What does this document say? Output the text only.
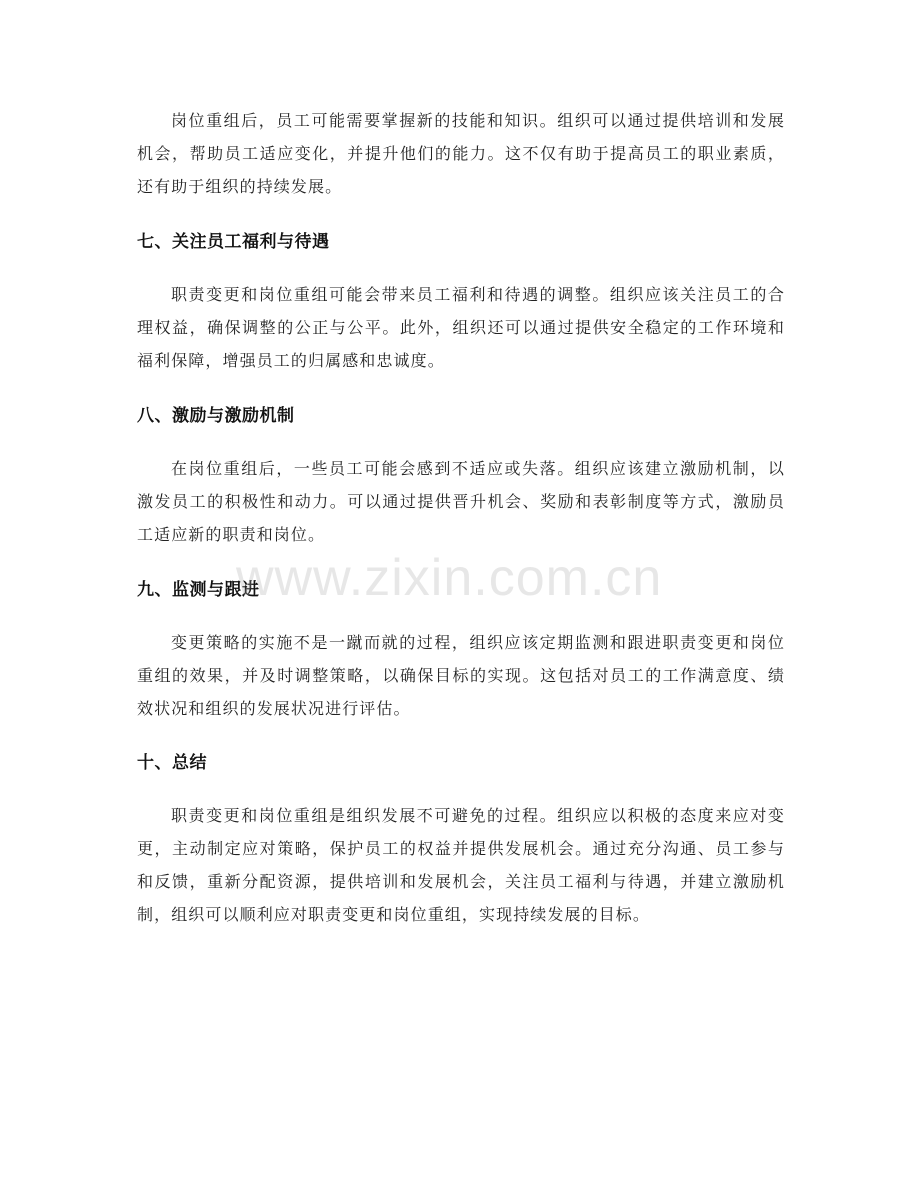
岗位重组后，员工可能需要掌握新的技能和知识。组织可以通过提供培训和发展机会，帮助员工适应变化，并提升他们的能力。这不仅有助于提高员工的职业素质，还有助于组织的持续发展。

七、关注员工福利与待遇

职责变更和岗位重组可能会带来员工福利和待遇的调整。组织应该关注员工的合理权益，确保调整的公正与公平。此外，组织还可以通过提供安全稳定的工作环境和福利保障，增强员工的归属感和忠诚度。

八、激励与激励机制

在岗位重组后，一些员工可能会感到不适应或失落。组织应该建立激励机制，以激发员工的积极性和动力。可以通过提供晋升机会、奖励和表彰制度等方式，激励员工适应新的职责和岗位。

九、监测与跟进

变更策略的实施不是一蹴而就的过程，组织应该定期监测和跟进职责变更和岗位重组的效果，并及时调整策略，以确保目标的实现。这包括对员工的工作满意度、绩效状况和组织的发展状况进行评估。

十、总结

职责变更和岗位重组是组织发展不可避免的过程。组织应以积极的态度来应对变更，主动制定应对策略，保护员工的权益并提供发展机会。通过充分沟通、员工参与和反馈，重新分配资源，提供培训和发展机会，关注员工福利与待遇，并建立激励机制，组织可以顺利应对职责变更和岗位重组，实现持续发展的目标。

www.zixin.com.cn
